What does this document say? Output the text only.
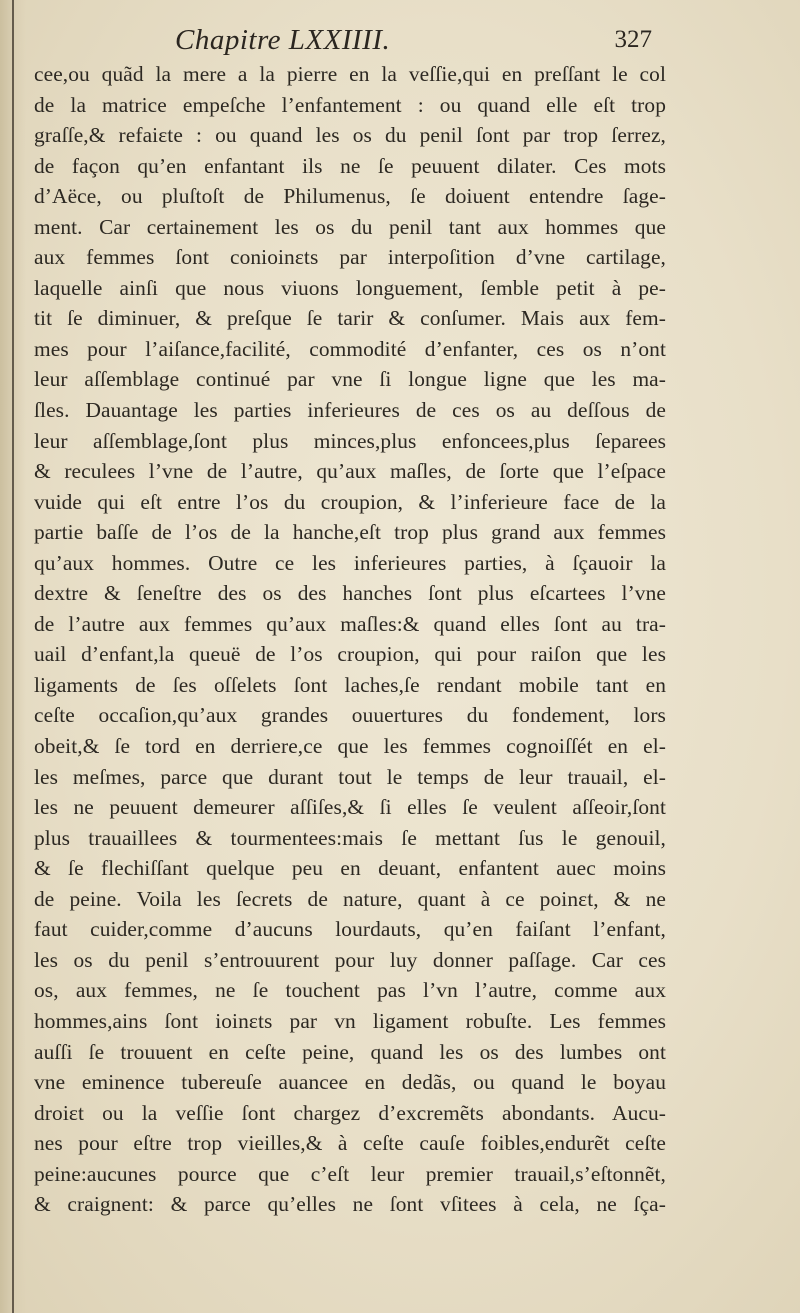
Chapitre LXXIIII.	327
cee,ou quãd la mere a la pierre en la veſſie,qui en preſſant le col
de la matrice empeſche l’enfantement : ou quand elle eſt trop
graſſe,& refaiɛte : ou quand les os du penil ſont par trop ſerrez,
de façon qu’en enfantant ils ne ſe peuuent dilater. Ces mots
d’Aëce, ou pluſtoſt de Philumenus, ſe doiuent entendre ſage-
ment. Car certainement les os du penil tant aux hommes que
aux femmes ſont conioinɛts par interpoſition d’vne cartilage,
laquelle ainſi que nous viuons longuement, ſemble petit à pe-
tit ſe diminuer, & preſque ſe tarir & conſumer. Mais aux fem-
mes pour l’aiſance,facilité, commodité d’enfanter, ces os n’ont
leur aſſemblage continué par vne ſi longue ligne que les ma-
ſles. Dauantage les parties inferieures de ces os au deſſous de
leur aſſemblage,ſont plus minces,plus enfoncees,plus ſeparees
& reculees l’vne de l’autre, qu’aux maſles, de ſorte que l’eſpace
vuide qui eſt entre l’os du croupion, & l’inferieure face de la
partie baſſe de l’os de la hanche,eſt trop plus grand aux femmes
qu’aux hommes. Outre ce les inferieures parties, à ſçauoir la
dextre & ſeneſtre des os des hanches ſont plus eſcartees l’vne
de l’autre aux femmes qu’aux maſles:& quand elles ſont au tra-
uail d’enfant,la queuë de l’os croupion, qui pour raiſon que les
ligaments de ſes oſſelets ſont laches,ſe rendant mobile tant en
ceſte occaſion,qu’aux grandes ouuertures du fondement, lors
obeit,& ſe tord en derriere,ce que les femmes cognoiſſét en el-
les meſmes, parce que durant tout le temps de leur trauail, el-
les ne peuuent demeurer aſſiſes,& ſi elles ſe veulent aſſeoir,ſont
plus trauaillees & tourmentees:mais ſe mettant ſus le genouil,
& ſe flechiſſant quelque peu en deuant, enfantent auec moins
de peine. Voila les ſecrets de nature, quant à ce poinɛt, & ne
faut cuider,comme d’aucuns lourdauts, qu’en faiſant l’enfant,
les os du penil s’entrouurent pour luy donner paſſage. Car ces
os, aux femmes, ne ſe touchent pas l’vn l’autre, comme aux
hommes,ains ſont ioinɛts par vn ligament robuſte. Les femmes
auſſi ſe trouuent en ceſte peine, quand les os des lumbes ont
vne eminence tubereuſe auancee en dedãs, ou quand le boyau
droiɛt ou la veſſie ſont chargez d’excremẽts abondants. Aucu-
nes pour eſtre trop vieilles,& à ceſte cauſe foibles,endurẽt ceſte
peine:aucunes pource que c’eſt leur premier trauail,s’eſtonnẽt,
& craignent: & parce qu’elles ne ſont vſitees à cela, ne ſça-
